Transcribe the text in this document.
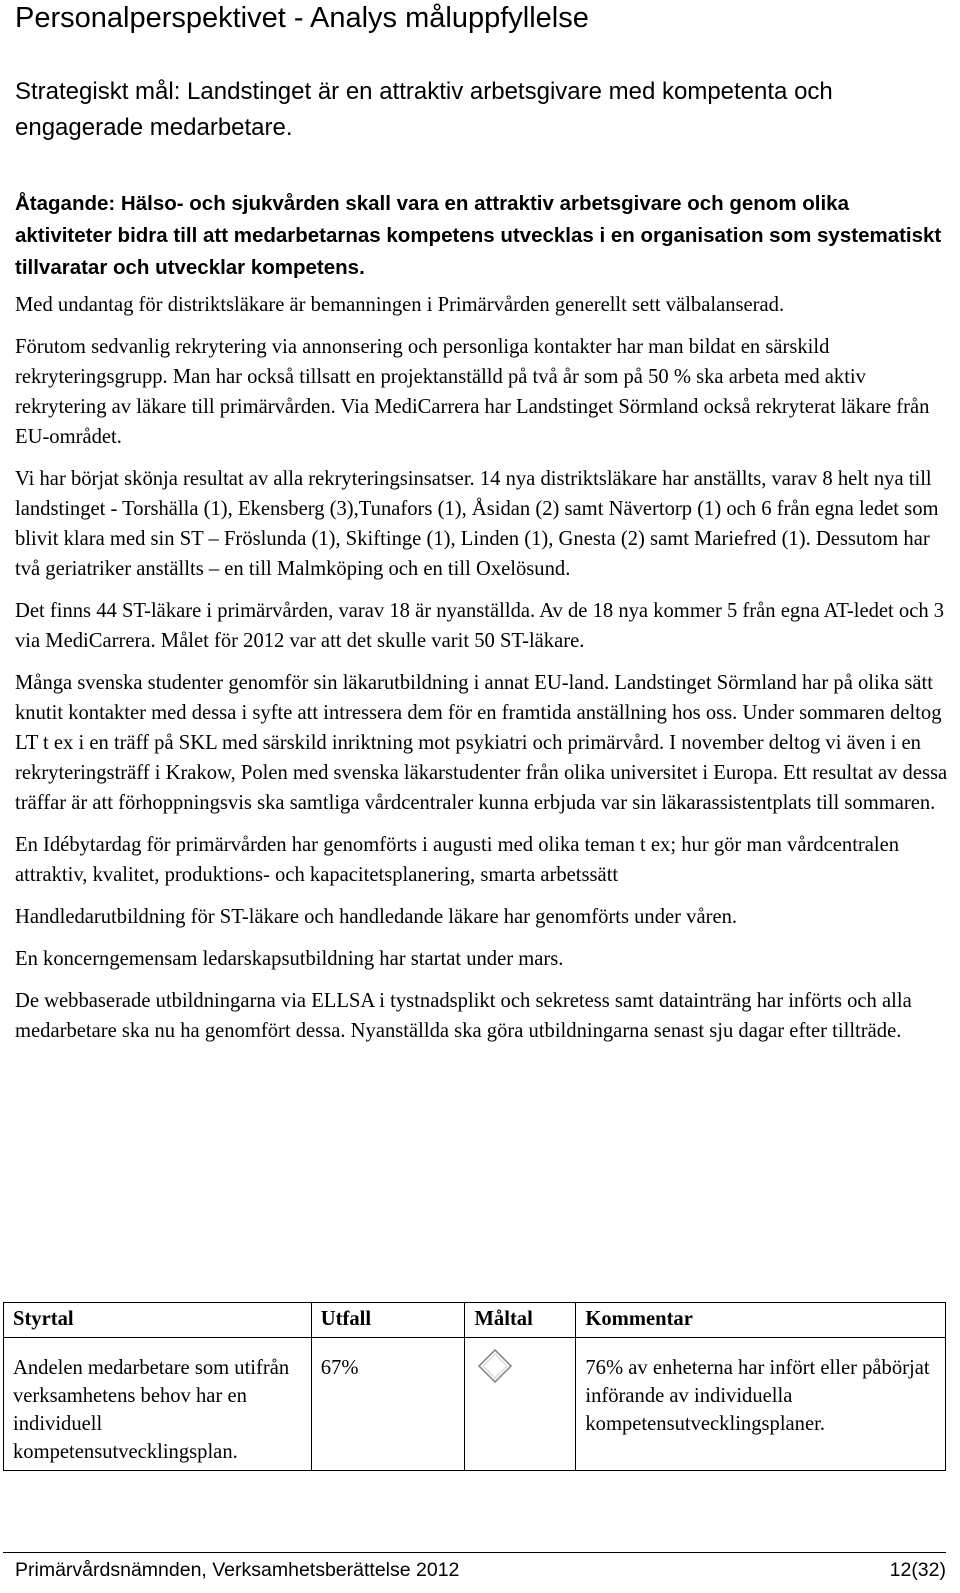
Personalperspektivet - Analys måluppfyllelse

Strategiskt mål: Landstinget är en attraktiv arbetsgivare med kompetenta och engagerade medarbetare.

Åtagande: Hälso- och sjukvården skall vara en attraktiv arbetsgivare och genom olika aktiviteter bidra till att medarbetarnas kompetens utvecklas i en organisation som systematiskt tillvaratar och utvecklar kompetens.

Med undantag för distriktsläkare är bemanningen i Primärvården generellt sett välbalanserad.

Förutom sedvanlig rekrytering via annonsering och personliga kontakter har man bildat en särskild rekryteringsgrupp. Man har också tillsatt en projektanställd på två år som på 50 % ska arbeta med aktiv rekrytering av läkare till primärvården. Via MediCarrera har Landstinget Sörmland också rekryterat läkare från EU-området.

Vi har börjat skönja resultat av alla rekryteringsinsatser. 14 nya distriktsläkare har anställts, varav 8 helt nya till landstinget - Torshälla (1), Ekensberg (3),Tunafors (1), Åsidan (2) samt Nävertorp (1) och 6 från egna ledet som blivit klara med sin ST – Fröslunda (1), Skiftinge (1), Linden (1), Gnesta (2) samt Mariefred (1). Dessutom har två geriatriker anställts – en till Malmköping och en till Oxelösund.

Det finns 44 ST-läkare i primärvården, varav 18 är nyanställda. Av de 18 nya kommer 5 från egna AT-ledet och 3 via MediCarrera. Målet för 2012 var att det skulle varit 50 ST-läkare.

Många svenska studenter genomför sin läkarutbildning i annat EU-land. Landstinget Sörmland har på olika sätt knutit kontakter med dessa i syfte att intressera dem för en framtida anställning hos oss. Under sommaren deltog LT t ex i en träff på SKL med särskild inriktning mot psykiatri och primärvård. I november deltog vi även i en rekryteringsträff i Krakow, Polen med svenska läkarstudenter från olika universitet i Europa. Ett resultat av dessa träffar är att förhoppningsvis ska samtliga vårdcentraler kunna erbjuda var sin läkarassistentplats till sommaren.

En Idébytardag för primärvården har genomförts i augusti med olika teman t ex; hur gör man vårdcentralen attraktiv, kvalitet, produktions- och kapacitetsplanering, smarta arbetssätt

Handledarutbildning för ST-läkare och handledande läkare har genomförts under våren.

En koncerngemensam ledarskapsutbildning har startat under mars.

De webbaserade utbildningarna via ELLSA i tystnadsplikt och sekretess samt datainträng har införts och alla medarbetare ska nu ha genomfört dessa. Nyanställda ska göra utbildningarna senast sju dagar efter tillträde.

Styrtal	Utfall	Måltal	Kommentar
Andelen medarbetare som utifrån verksamhetens behov har en individuell kompetensutvecklingsplan.	67%		76% av enheterna har infört eller påbörjat införande av individuella kompetensutvecklingsplaner.
Primärvårdsnämnden, Verksamhetsberättelse 2012	12(32)
